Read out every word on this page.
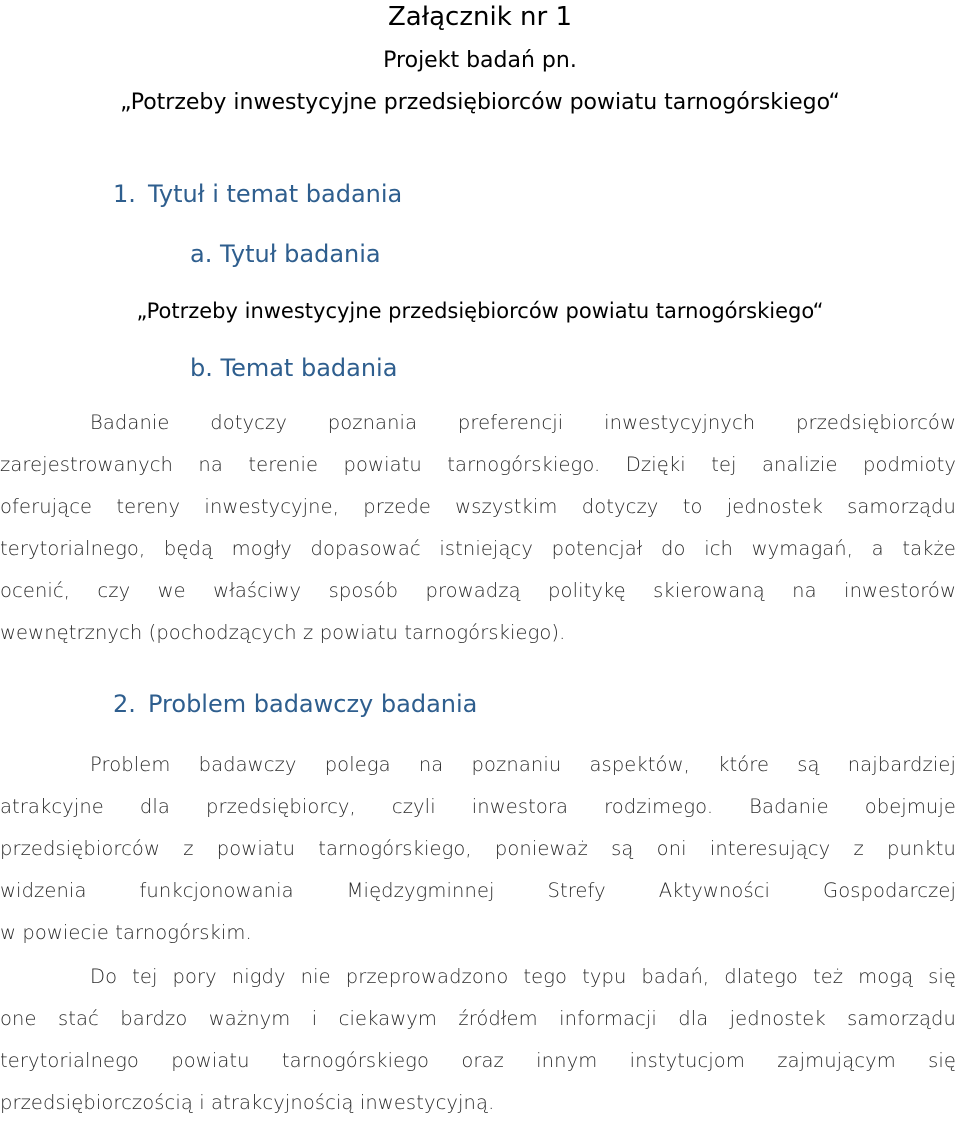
Załącznik nr 1
Projekt badań pn.
„Potrzeby inwestycyjne przedsiębiorców powiatu tarnogórskiego“
1. Tytuł i temat badania
a. Tytuł badania
„Potrzeby inwestycyjne przedsiębiorców powiatu tarnogórskiego“
b. Temat badania
Badanie dotyczy poznania preferencji inwestycyjnych przedsiębiorców
zarejestrowanych na terenie powiatu tarnogórskiego. Dzięki tej analizie podmioty
oferujące tereny inwestycyjne, przede wszystkim dotyczy to jednostek samorządu
terytorialnego, będą mogły dopasować istniejący potencjał do ich wymagań, a także
ocenić, czy we właściwy sposób prowadzą politykę skierowaną na inwestorów
wewnętrznych (pochodzących z powiatu tarnogórskiego).
2. Problem badawczy badania
Problem badawczy polega na poznaniu aspektów, które są najbardziej
atrakcyjne dla przedsiębiorcy, czyli inwestora rodzimego. Badanie obejmuje
przedsiębiorców z powiatu tarnogórskiego, ponieważ są oni interesujący z punktu
widzenia funkcjonowania Międzygminnej Strefy Aktywności Gospodarczej
w powiecie tarnogórskim.
Do tej pory nigdy nie przeprowadzono tego typu badań, dlatego też mogą się
one stać bardzo ważnym i ciekawym źródłem informacji dla jednostek samorządu
terytorialnego powiatu tarnogórskiego oraz innym instytucjom zajmującym się
przedsiębiorczością i atrakcyjnością inwestycyjną.
